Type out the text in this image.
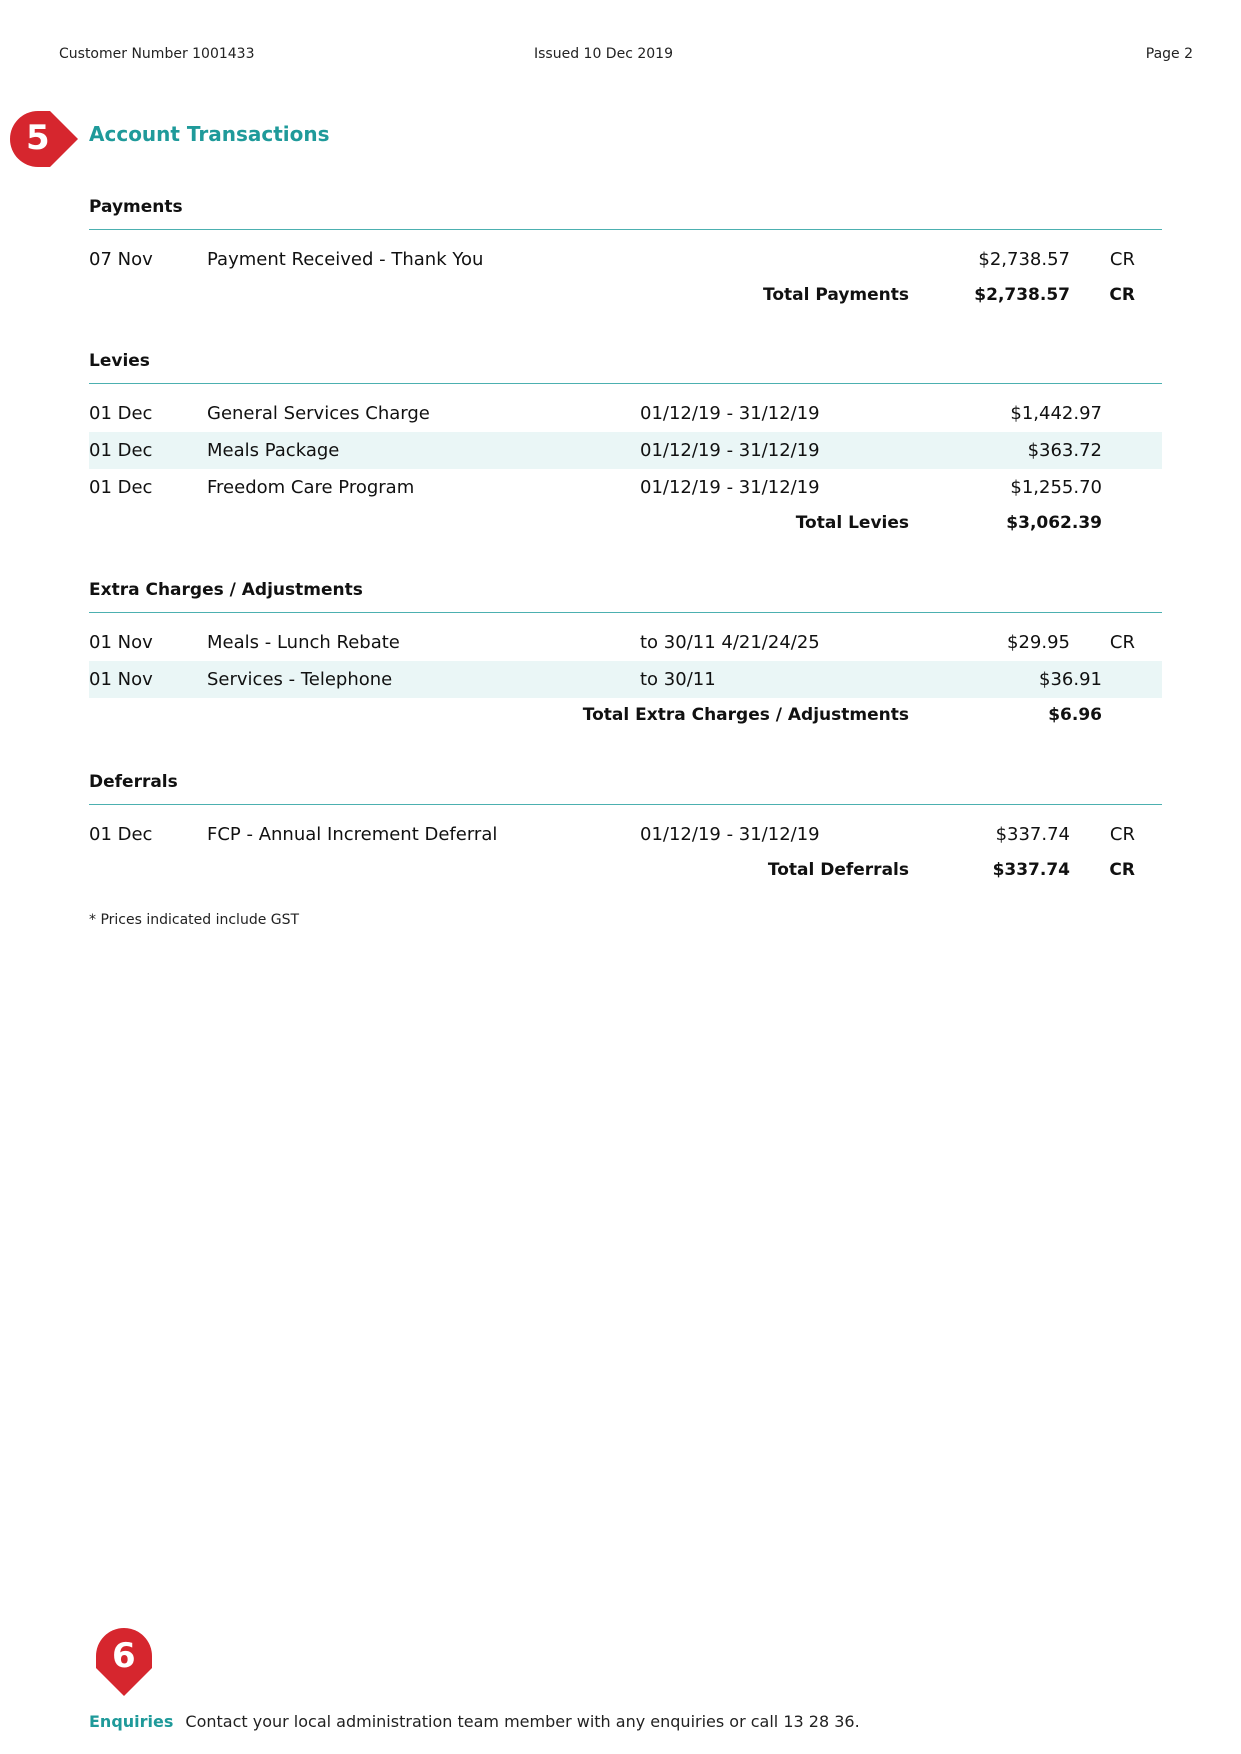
Customer Number 1001433	Issued 10 Dec 2019	Page 2
5 Account Transactions
Payments
07 Nov	Payment Received - Thank You	$2,738.57 CR
Total Payments	$2,738.57 CR
Levies
01 Dec	General Services Charge	01/12/19 - 31/12/19	$1,442.97
01 Dec	Meals Package	01/12/19 - 31/12/19	$363.72
01 Dec	Freedom Care Program	01/12/19 - 31/12/19	$1,255.70
Total Levies	$3,062.39
Extra Charges / Adjustments
01 Nov	Meals - Lunch Rebate	to 30/11 4/21/24/25	$29.95 CR
01 Nov	Services - Telephone	to 30/11	$36.91
Total Extra Charges / Adjustments	$6.96
Deferrals
01 Dec	FCP - Annual Increment Deferral	01/12/19 - 31/12/19	$337.74 CR
Total Deferrals	$337.74 CR
* Prices indicated include GST
6
Enquiries Contact your local administration team member with any enquiries or call 13 28 36.
